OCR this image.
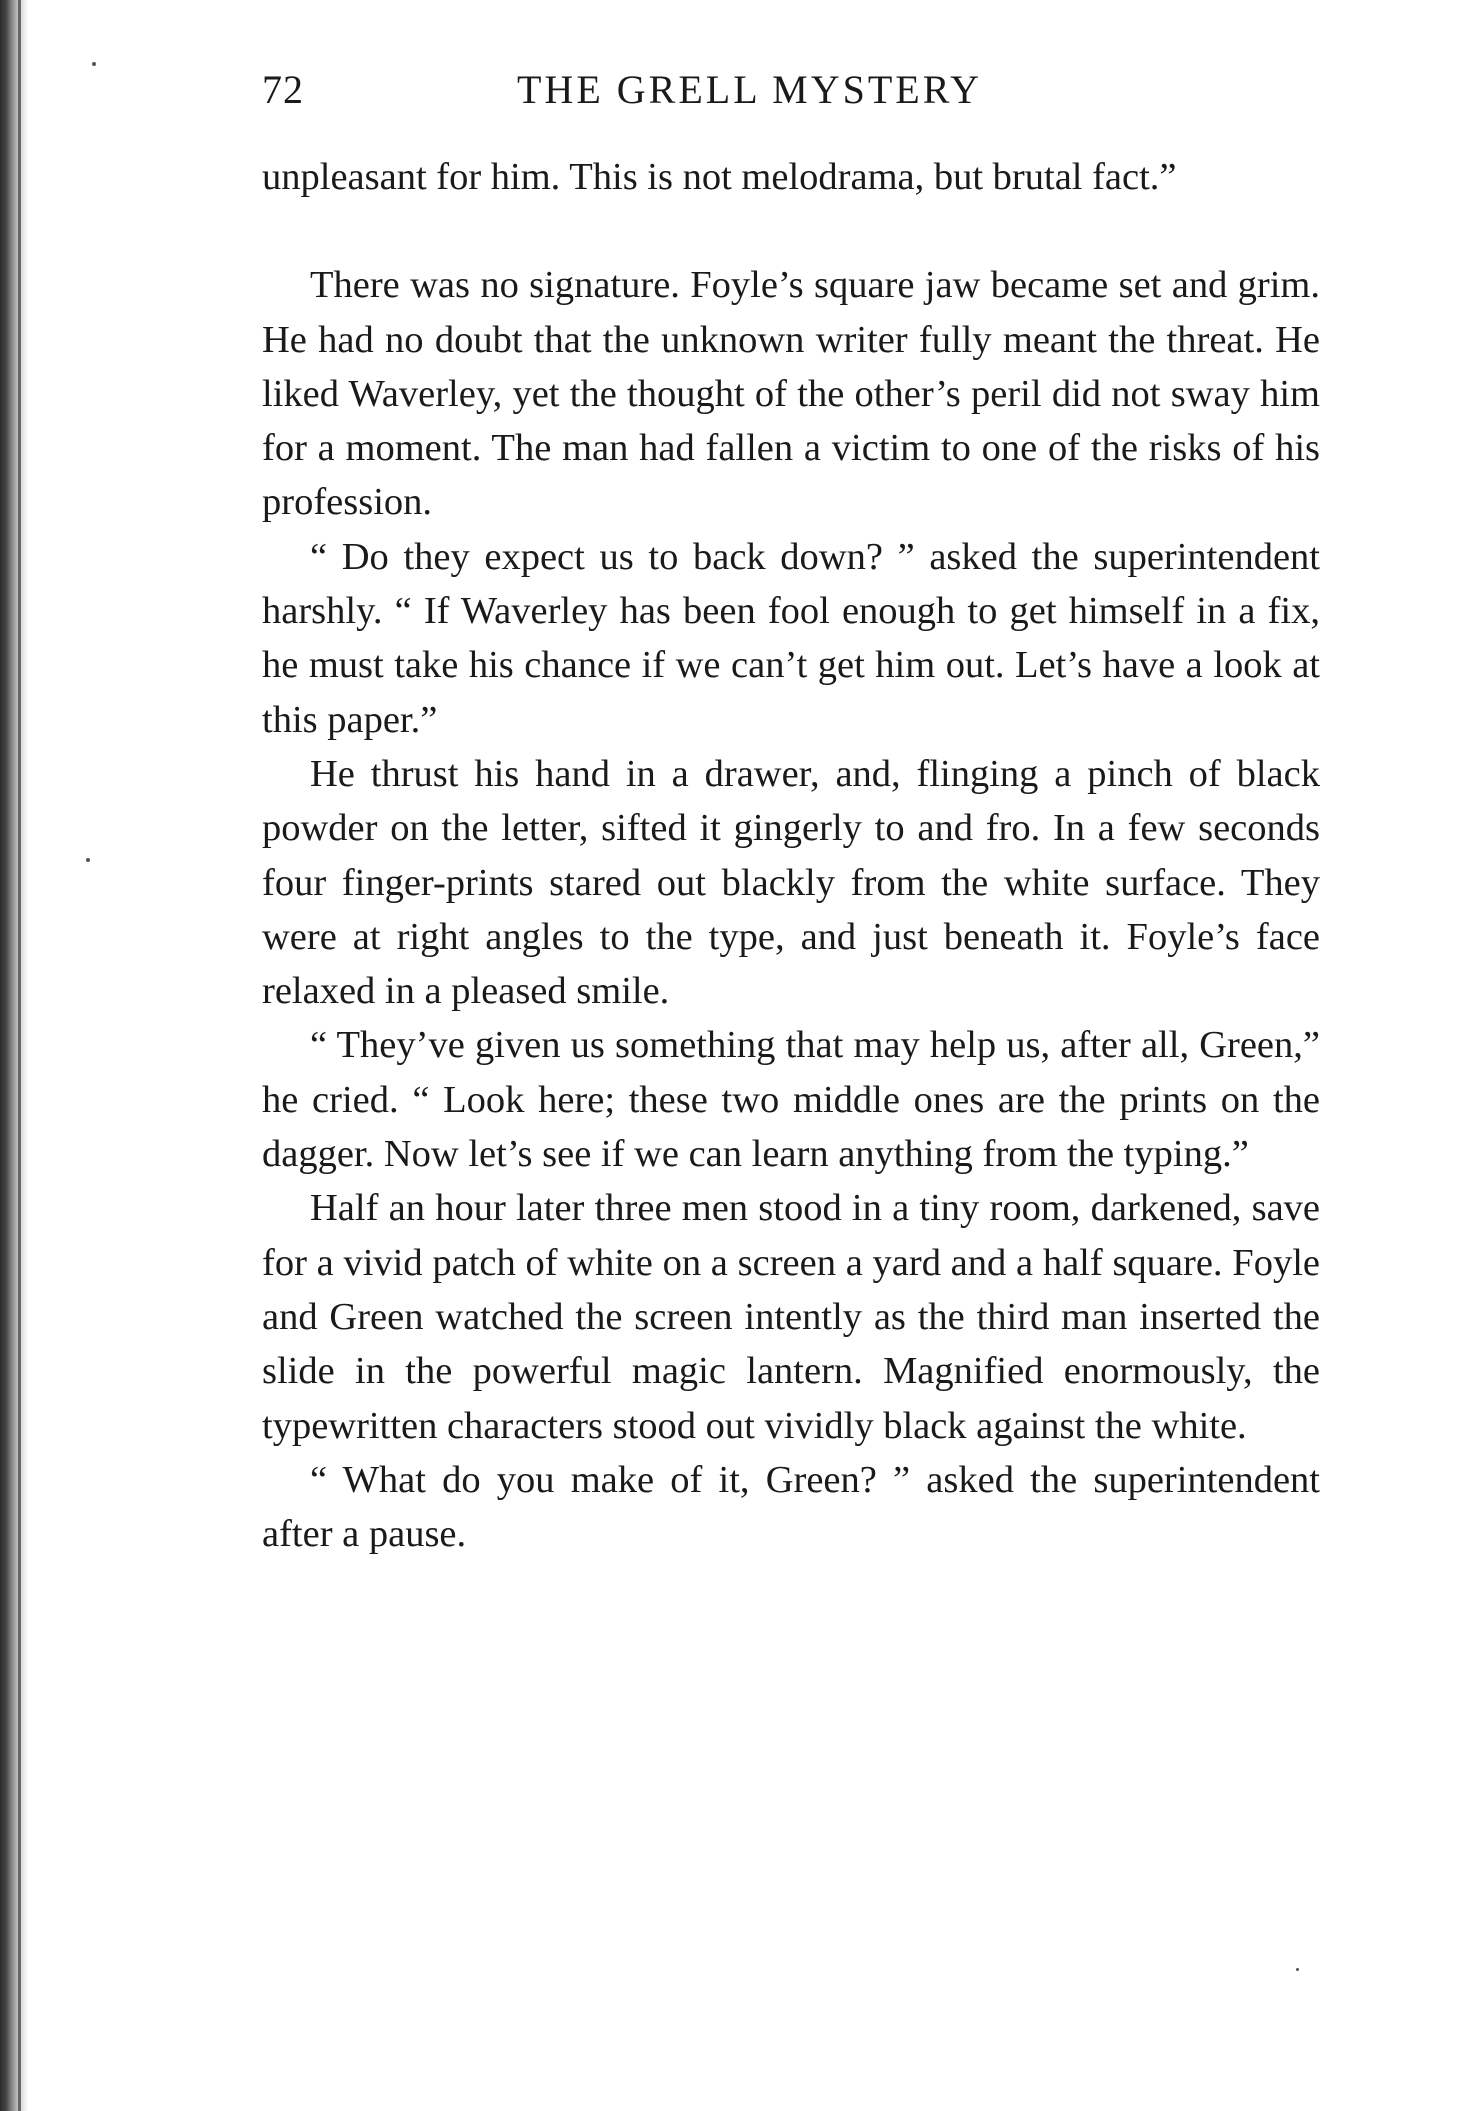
72	THE GRELL MYSTERY

unpleasant for him. This is not melodrama, but brutal fact.”

There was no signature. Foyle’s square jaw became set and grim. He had no doubt that the unknown writer fully meant the threat. He liked Waverley, yet the thought of the other’s peril did not sway him for a moment. The man had fallen a victim to one of the risks of his profession.

“ Do they expect us to back down? ” asked the superintendent harshly. “ If Waverley has been fool enough to get himself in a fix, he must take his chance if we can’t get him out. Let’s have a look at this paper.”

He thrust his hand in a drawer, and, flinging a pinch of black powder on the letter, sifted it gingerly to and fro. In a few seconds four finger-prints stared out blackly from the white surface. They were at right angles to the type, and just beneath it. Foyle’s face relaxed in a pleased smile.

“ They’ve given us something that may help us, after all, Green,” he cried. “ Look here; these two middle ones are the prints on the dagger. Now let’s see if we can learn anything from the typing.”

Half an hour later three men stood in a tiny room, darkened, save for a vivid patch of white on a screen a yard and a half square. Foyle and Green watched the screen intently as the third man inserted the slide in the powerful magic lantern. Magnified enormously, the typewritten characters stood out vividly black against the white.

“ What do you make of it, Green? ” asked the superintendent after a pause.
